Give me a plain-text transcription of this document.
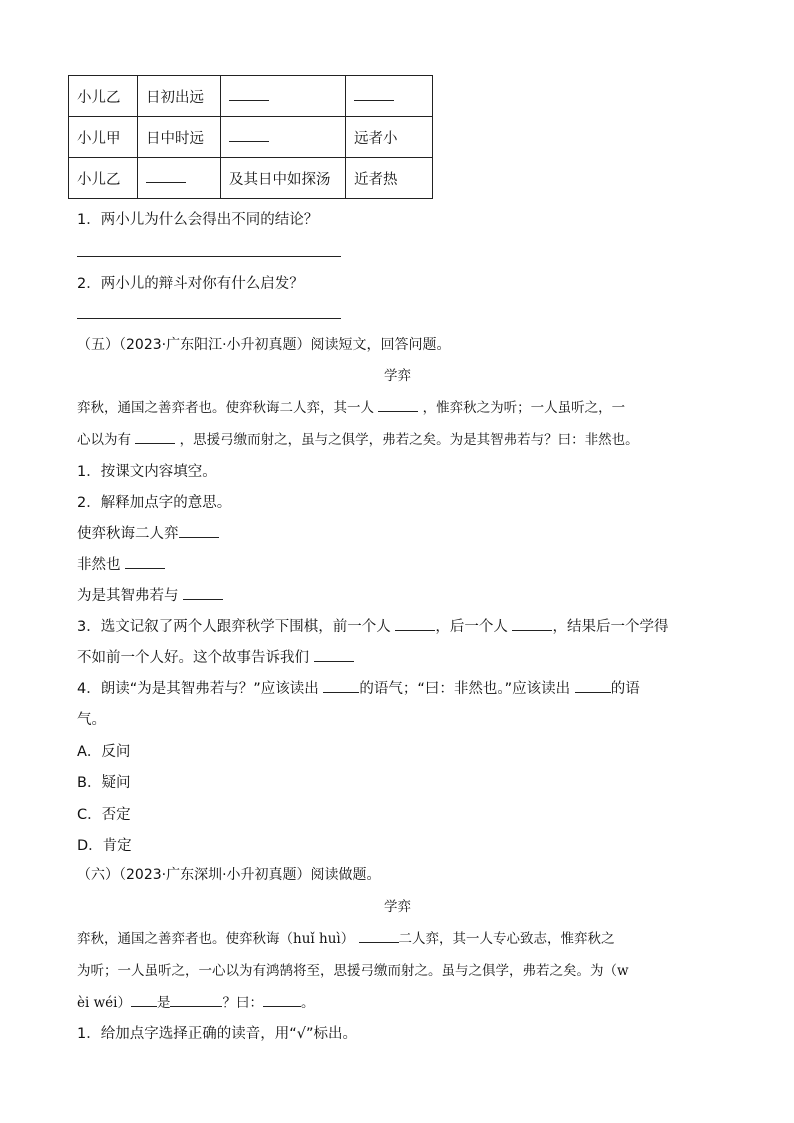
小儿乙	日初出远		
小儿甲	日中时远		远者小
小儿乙		及其日中如探汤	近者热
1．两小儿为什么会得出不同的结论？
2．两小儿的辩斗对你有什么启发？
（五）（2023·广东阳江·小升初真题）阅读短文，回答问题。
学弈
弈秋，通国之善弈者也。使弈秋诲二人弈，其一人	，惟弈秋之为听；一人虽听之，一
心以为有	，思援弓缴而射之，虽与之俱学，弗若之矣。为是其智弗若与？曰：非然也。
1．按课文内容填空。
2．解释加点字的意思。
使弈秋诲二人弈
非然也
为是其智弗若与
3．选文记叙了两个人跟弈秋学下围棋，前一个人	，后一个人	，结果后一个学得
不如前一个人好。这个故事告诉我们
4．朗读“为是其智弗若与？”应该读出	的语气；“曰：非然也。”应该读出	的语
气。
A．反问
B．疑问
C．否定
D．肯定
（六）（2023·广东深圳·小升初真题）阅读做题。
学弈
弈秋，通国之善弈者也。使弈秋诲（huǐ huì）	二人弈，其一人专心致志，惟弈秋之
为听；一人虽听之，一心以为有鸿鹄将至，思援弓缴而射之。虽与之俱学，弗若之矣。为（w
èi wéi） 是	？曰：	。
1．给加点字选择正确的读音，用“√”标出。
